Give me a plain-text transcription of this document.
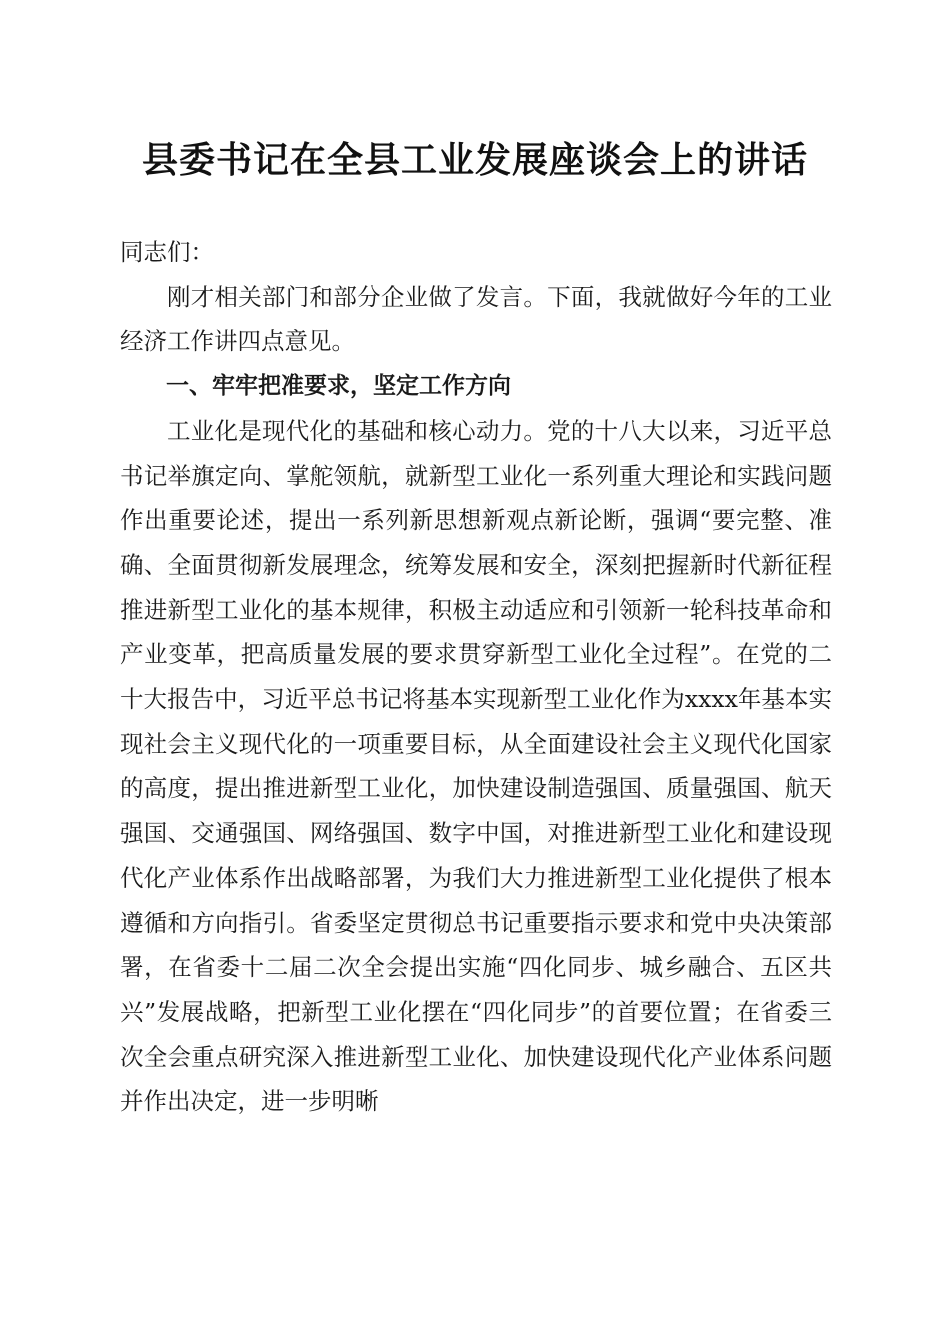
县委书记在全县工业发展座谈会上的讲话

同志们：

刚才相关部门和部分企业做了发言。下面，我就做好今年的工业经济工作讲四点意见。

一、牢牢把准要求，坚定工作方向

工业化是现代化的基础和核心动力。党的十八大以来，习近平总书记举旗定向、掌舵领航，就新型工业化一系列重大理论和实践问题作出重要论述，提出一系列新思想新观点新论断，强调“要完整、准确、全面贯彻新发展理念，统筹发展和安全，深刻把握新时代新征程推进新型工业化的基本规律，积极主动适应和引领新一轮科技革命和产业变革，把高质量发展的要求贯穿新型工业化全过程”。在党的二十大报告中，习近平总书记将基本实现新型工业化作为xxxx年基本实现社会主义现代化的一项重要目标，从全面建设社会主义现代化国家的高度，提出推进新型工业化，加快建设制造强国、质量强国、航天强国、交通强国、网络强国、数字中国，对推进新型工业化和建设现代化产业体系作出战略部署，为我们大力推进新型工业化提供了根本遵循和方向指引。省委坚定贯彻总书记重要指示要求和党中央决策部署，在省委十二届二次全会提出实施“四化同步、城乡融合、五区共兴”发展战略，把新型工业化摆在“四化同步”的首要位置；在省委三次全会重点研究深入推进新型工业化、加快建设现代化产业体系问题并作出决定，进一步明晰
